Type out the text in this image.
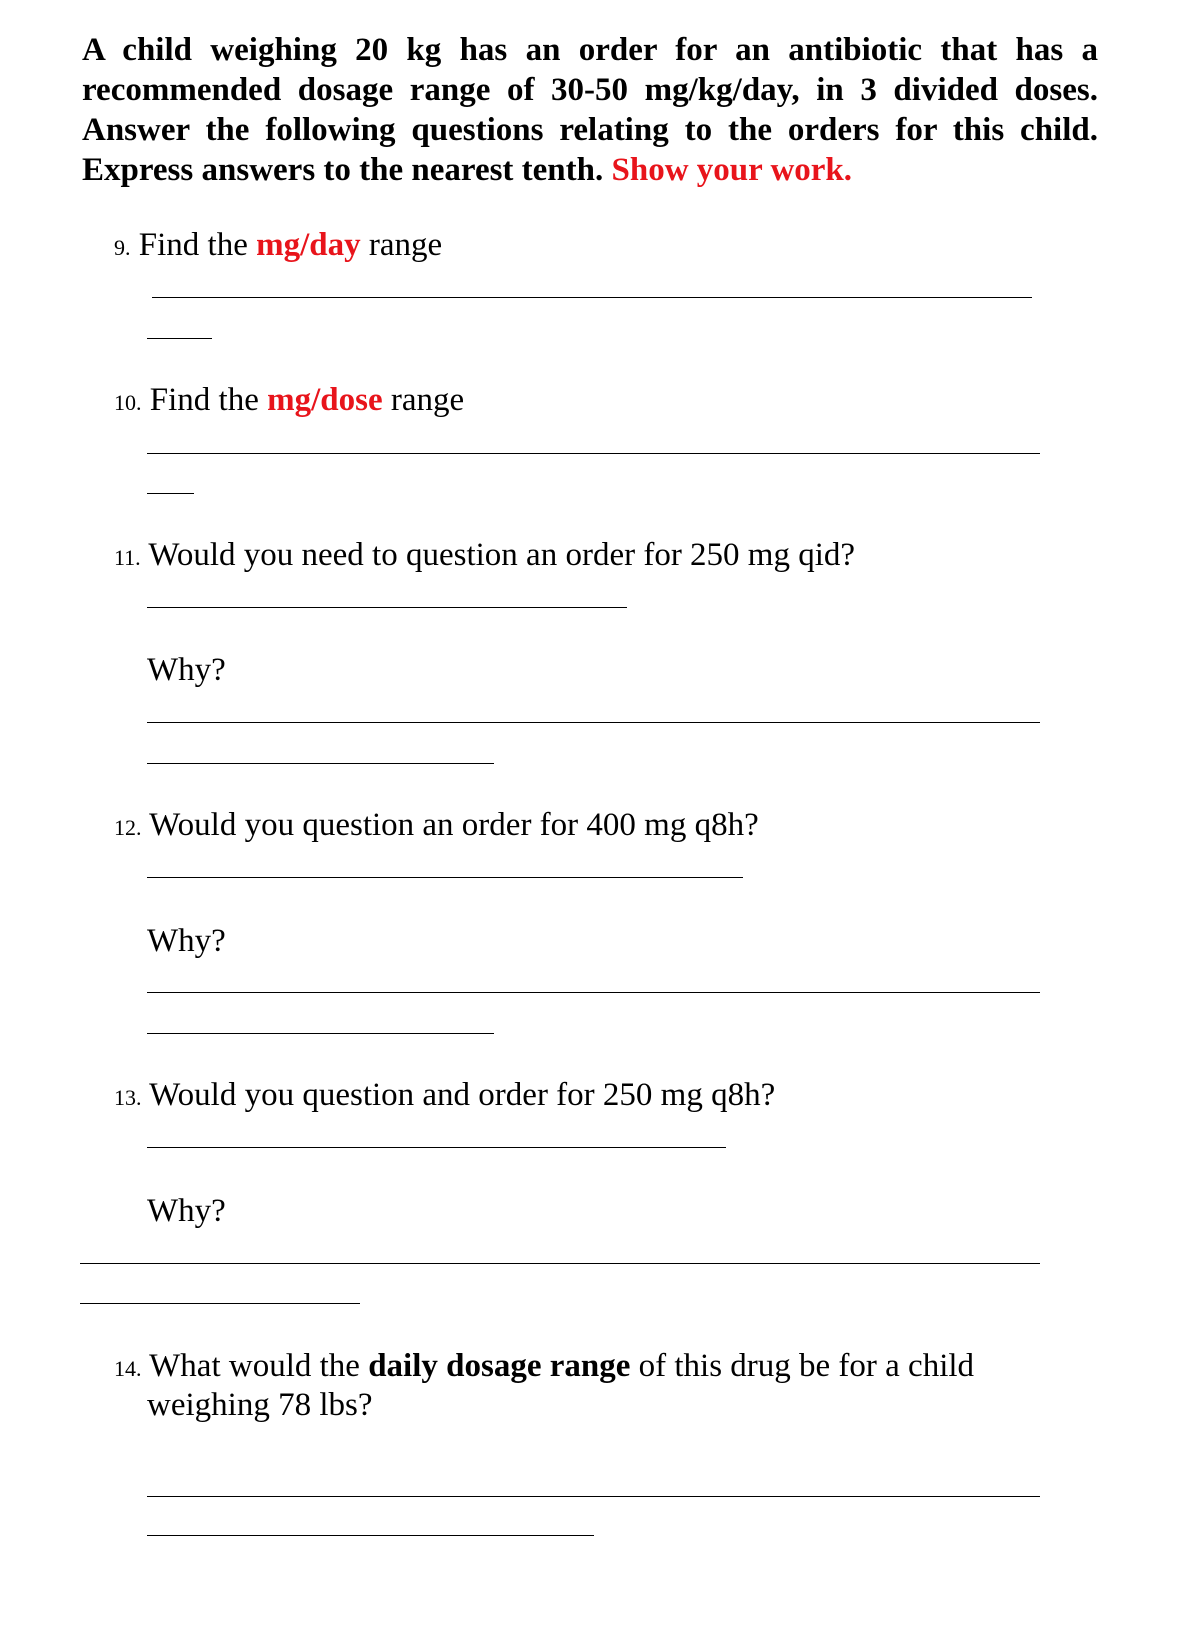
A child weighing 20 kg has an order for an antibiotic that has a recommended dosage range of 30-50 mg/kg/day, in 3 divided doses. Answer the following questions relating to the orders for this child. Express answers to the nearest tenth. Show your work.

9. Find the mg/day range
10. Find the mg/dose range
11. Would you need to question an order for 250 mg qid?
Why?
12. Would you question an order for 400 mg q8h?
Why?
13. Would you question and order for 250 mg q8h?
Why?
14. What would the daily dosage range of this drug be for a child
weighing 78 lbs?
